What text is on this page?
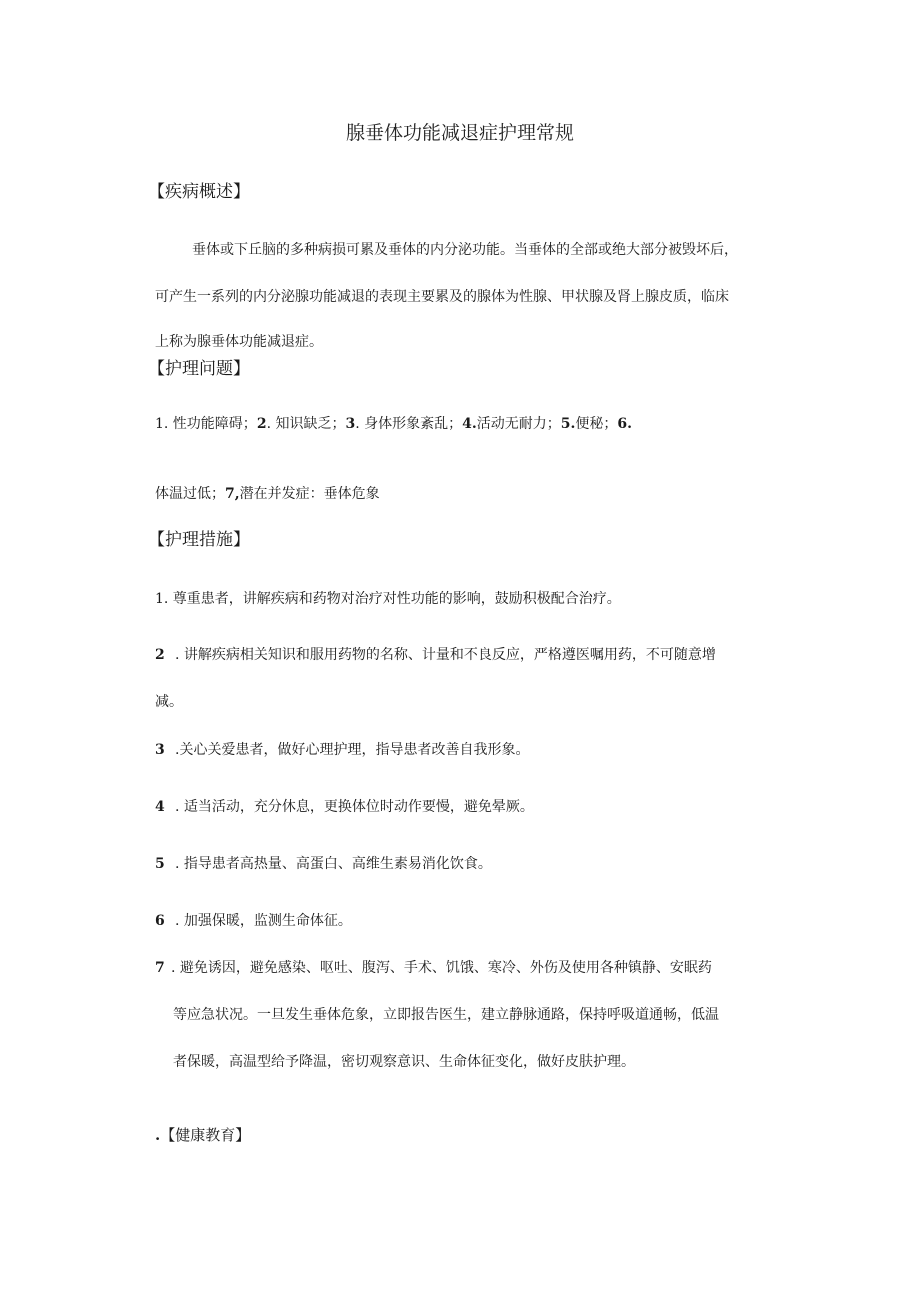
腺垂体功能减退症护理常规
【疾病概述】
垂体或下丘脑的多种病损可累及垂体的内分泌功能。当垂体的全部或绝大部分被毁坏后，
可产生一系列的内分泌腺功能减退的表现主要累及的腺体为性腺、甲状腺及肾上腺皮质，临床
上称为腺垂体功能减退症。
【护理问题】
1. 性功能障碍；2. 知识缺乏；3. 身体形象紊乱；4.活动无耐力；5.便秘；6.
体温过低；7,潜在并发症：垂体危象
【护理措施】
1. 尊重患者，讲解疾病和药物对治疗对性功能的影响，鼓励积极配合治疗。
2 . 讲解疾病相关知识和服用药物的名称、计量和不良反应，严格遵医嘱用药，不可随意增
减。
3 .关心关爱患者，做好心理护理，指导患者改善自我形象。
4 . 适当活动，充分休息，更换体位时动作要慢，避免晕厥。
5 . 指导患者高热量、高蛋白、高维生素易消化饮食。
6 . 加强保暖，监测生命体征。
7 . 避免诱因，避免感染、呕吐、腹泻、手术、饥饿、寒冷、外伤及使用各种镇静、安眠药
等应急状况。一旦发生垂体危象，立即报告医生，建立静脉通路，保持呼吸道通畅，低温
者保暖，高温型给予降温，密切观察意识、生命体征变化，做好皮肤护理。
.【健康教育】
